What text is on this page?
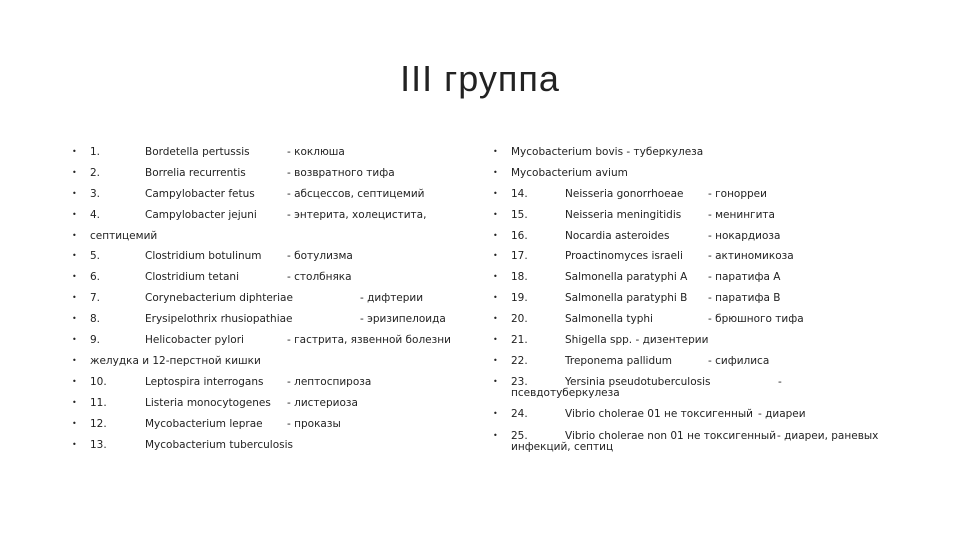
III группа
• 1.	Bordetella pertussis	- коклюша
• 2.	Borrelia recurrentis	- возвратного тифа
• 3.	Campylobacter fetus	- абсцессов, септицемий
• 4.	Campylobacter jejuni	- энтерита, холецистита,
• септицемий
• 5.	Clostridium botulinum - ботулизма
• 6.	Clostridium tetani	- столбняка
• 7.	Corynebacterium diphteriae	- дифтерии
• 8.	Erysipelothrix rhusiopathiae	- эризипелоида
• 9.	Helicobacter pylori	- гастрита, язвенной болезни
• желудка и 12-перстной кишки
• 10.	Leptospira interrogans - лептоспироза
• 11.	Listeria monocytogenes - листериоза
• 12.	Mycobacterium leprae - проказы
• 13.	Mycobacterium tuberculosis
• Mycobacterium bovis - туберкулеза
• Mycobacterium avium
• 14.	Neisseria gonorrhoeae - гонорреи
• 15.	Neisseria meningitidis	- менингита
• 16.	Nocardia asteroides	- нокардиоза
• 17.	Proactinomyces israeli - актиномикоза
• 18.	Salmonella paratyphi A - паратифа А
• 19.	Salmonella paratyphi B - паратифа В
• 20.	Salmonella typhi	- брюшного тифа
• 21.	Shigella spp. - дизентерии
• 22.	Treponema pallidum	- сифилиса
• 23.	Yersinia pseudotuberculosis	-
псевдотуберкулеза
• 24.	Vibrio cholerae 01 не токсигенный - диареи
• 25.	Vibrio cholerae non 01 не токсигенный - диареи, раневых
инфекций, септиц
